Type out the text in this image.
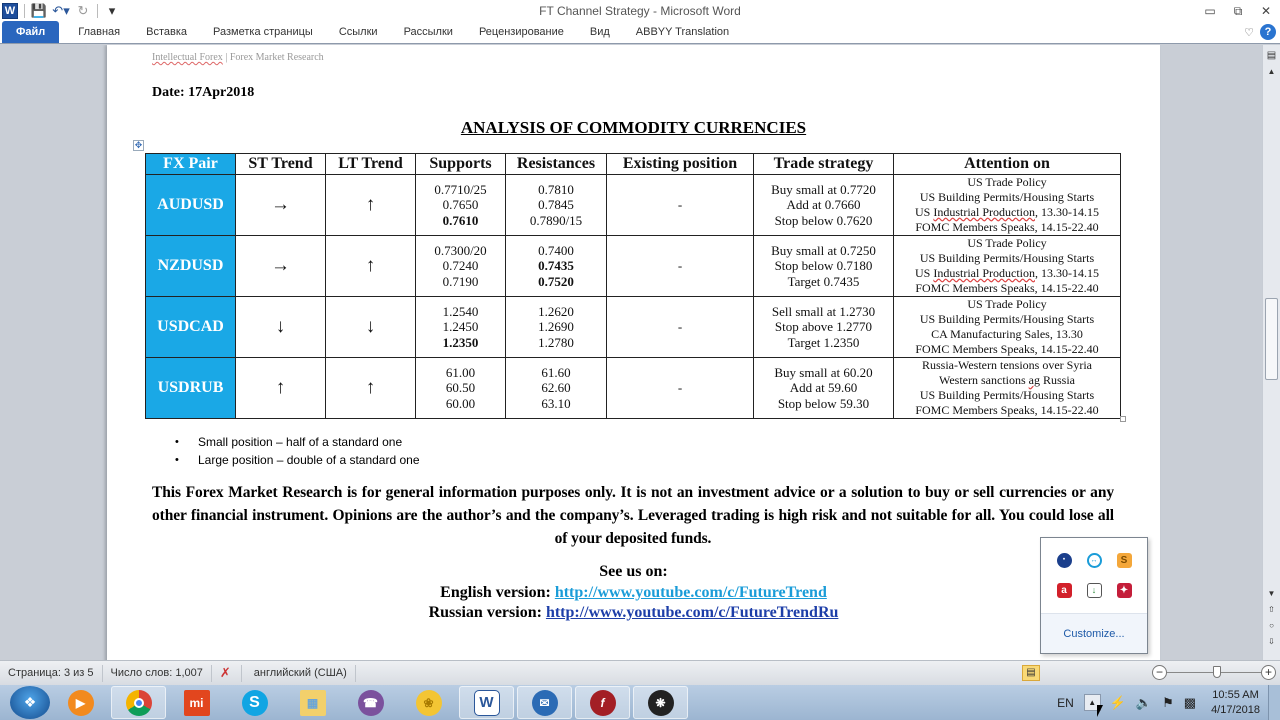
W 💾 ↶▾ ↻	▾	FT Channel Strategy - Microsoft Word	▭	⧉	✕
Файл	Главная	Вставка	Разметка страницы	Ссылки	Рассылки	Рецензирование	Вид	ABBYY Translation	♡ ?
Intellectual Forex | Forex Market Research
Date: 17Apr2018
ANALYSIS OF COMMODITY CURRENCIES
✥
FX Pair	ST Trend	LT Trend	Supports	Resistances	Existing position	Trade strategy	Attention on
AUDUSD	→	↑	0.7710/25
0.7650
0.7610	0.7810
0.7845
0.7890/15	-	Buy small at 0.7720
Add at 0.7660
Stop below 0.7620	US Trade Policy
US Building Permits/Housing Starts
US Industrial Production, 13.30-14.15
FOMC Members Speaks, 14.15-22.40

NZDUSD	→	↑	0.7300/20
0.7240
0.7190	0.7400
0.7435
0.7520	-	Buy small at 0.7250
Stop below 0.7180
Target 0.7435	US Trade Policy
US Building Permits/Housing Starts
US Industrial Production, 13.30-14.15
FOMC Members Speaks, 14.15-22.40

USDCAD	↓	↓	1.2540
1.2450
1.2350	1.2620
1.2690
1.2780	-	Sell small at 1.2730
Stop above 1.2770
Target 1.2350	US Trade Policy
US Building Permits/Housing Starts
CA Manufacturing Sales, 13.30
FOMC Members Speaks, 14.15-22.40

USDRUB	↑	↑	61.00
60.50
60.00	61.60
62.60
63.10	-	Buy small at 60.20
Add at 59.60
Stop below 59.30	Russia-Western tensions over Syria
Western sanctions ag Russia
US Building Permits/Housing Starts
FOMC Members Speaks, 14.15-22.40
• Small position – half of a standard one
• Large position – double of a standard one
This Forex Market Research is for general information purposes only. It is not an investment advice or a solution to buy or sell currencies or any other financial instrument. Opinions are the author’s and the company’s. Leveraged trading is high risk and not suitable for all. You could lose all of your deposited funds.
See us on:
English version: http://www.youtube.com/c/FutureTrend
Russian version: http://www.youtube.com/c/FutureTrendRu
▤
▲
▼
⇧
○
⇩
Страница: 3 из 5	Число слов: 1,007	✗	английский (США)	▤	−	+
❖	▶	mi	S	▦	☎	❀	W	✉	f	❋	EN	▲	⚡ 🔈 ⚑ ▩ 10:55 AM
4/17/2018
᛫	↔	S
a	↓	✦
Customize...
